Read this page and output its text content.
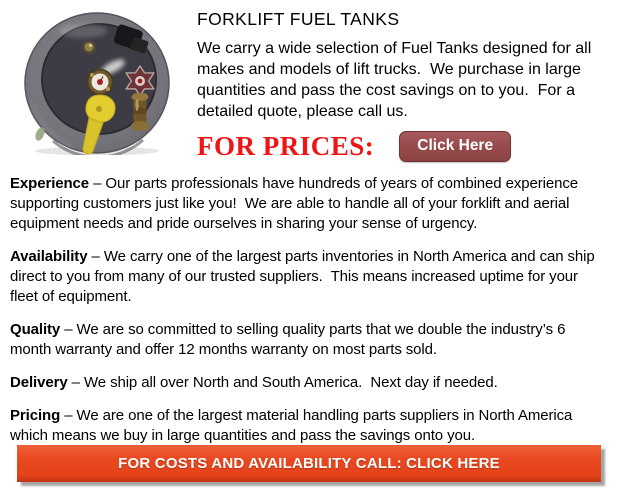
FORKLIFT FUEL TANKS

We carry a wide selection of Fuel Tanks designed for all makes and models of lift trucks.  We purchase in large quantities and pass the cost savings on to you.  For a detailed quote, please call us.

FOR PRICES:	Click Here

Experience – Our parts professionals have hundreds of years of combined experience supporting customers just like you!  We are able to handle all of your forklift and aerial equipment needs and pride ourselves in sharing your sense of urgency.

Availability – We carry one of the largest parts inventories in North America and can ship direct to you from many of our trusted suppliers.  This means increased uptime for your fleet of equipment.

Quality – We are so committed to selling quality parts that we double the industry’s 6 month warranty and offer 12 months warranty on most parts sold.

Delivery – We ship all over North and South America.  Next day if needed.

Pricing – We are one of the largest material handling parts suppliers in North America which means we buy in large quantities and pass the savings onto you.

FOR COSTS AND AVAILABILITY CALL: CLICK HERE
